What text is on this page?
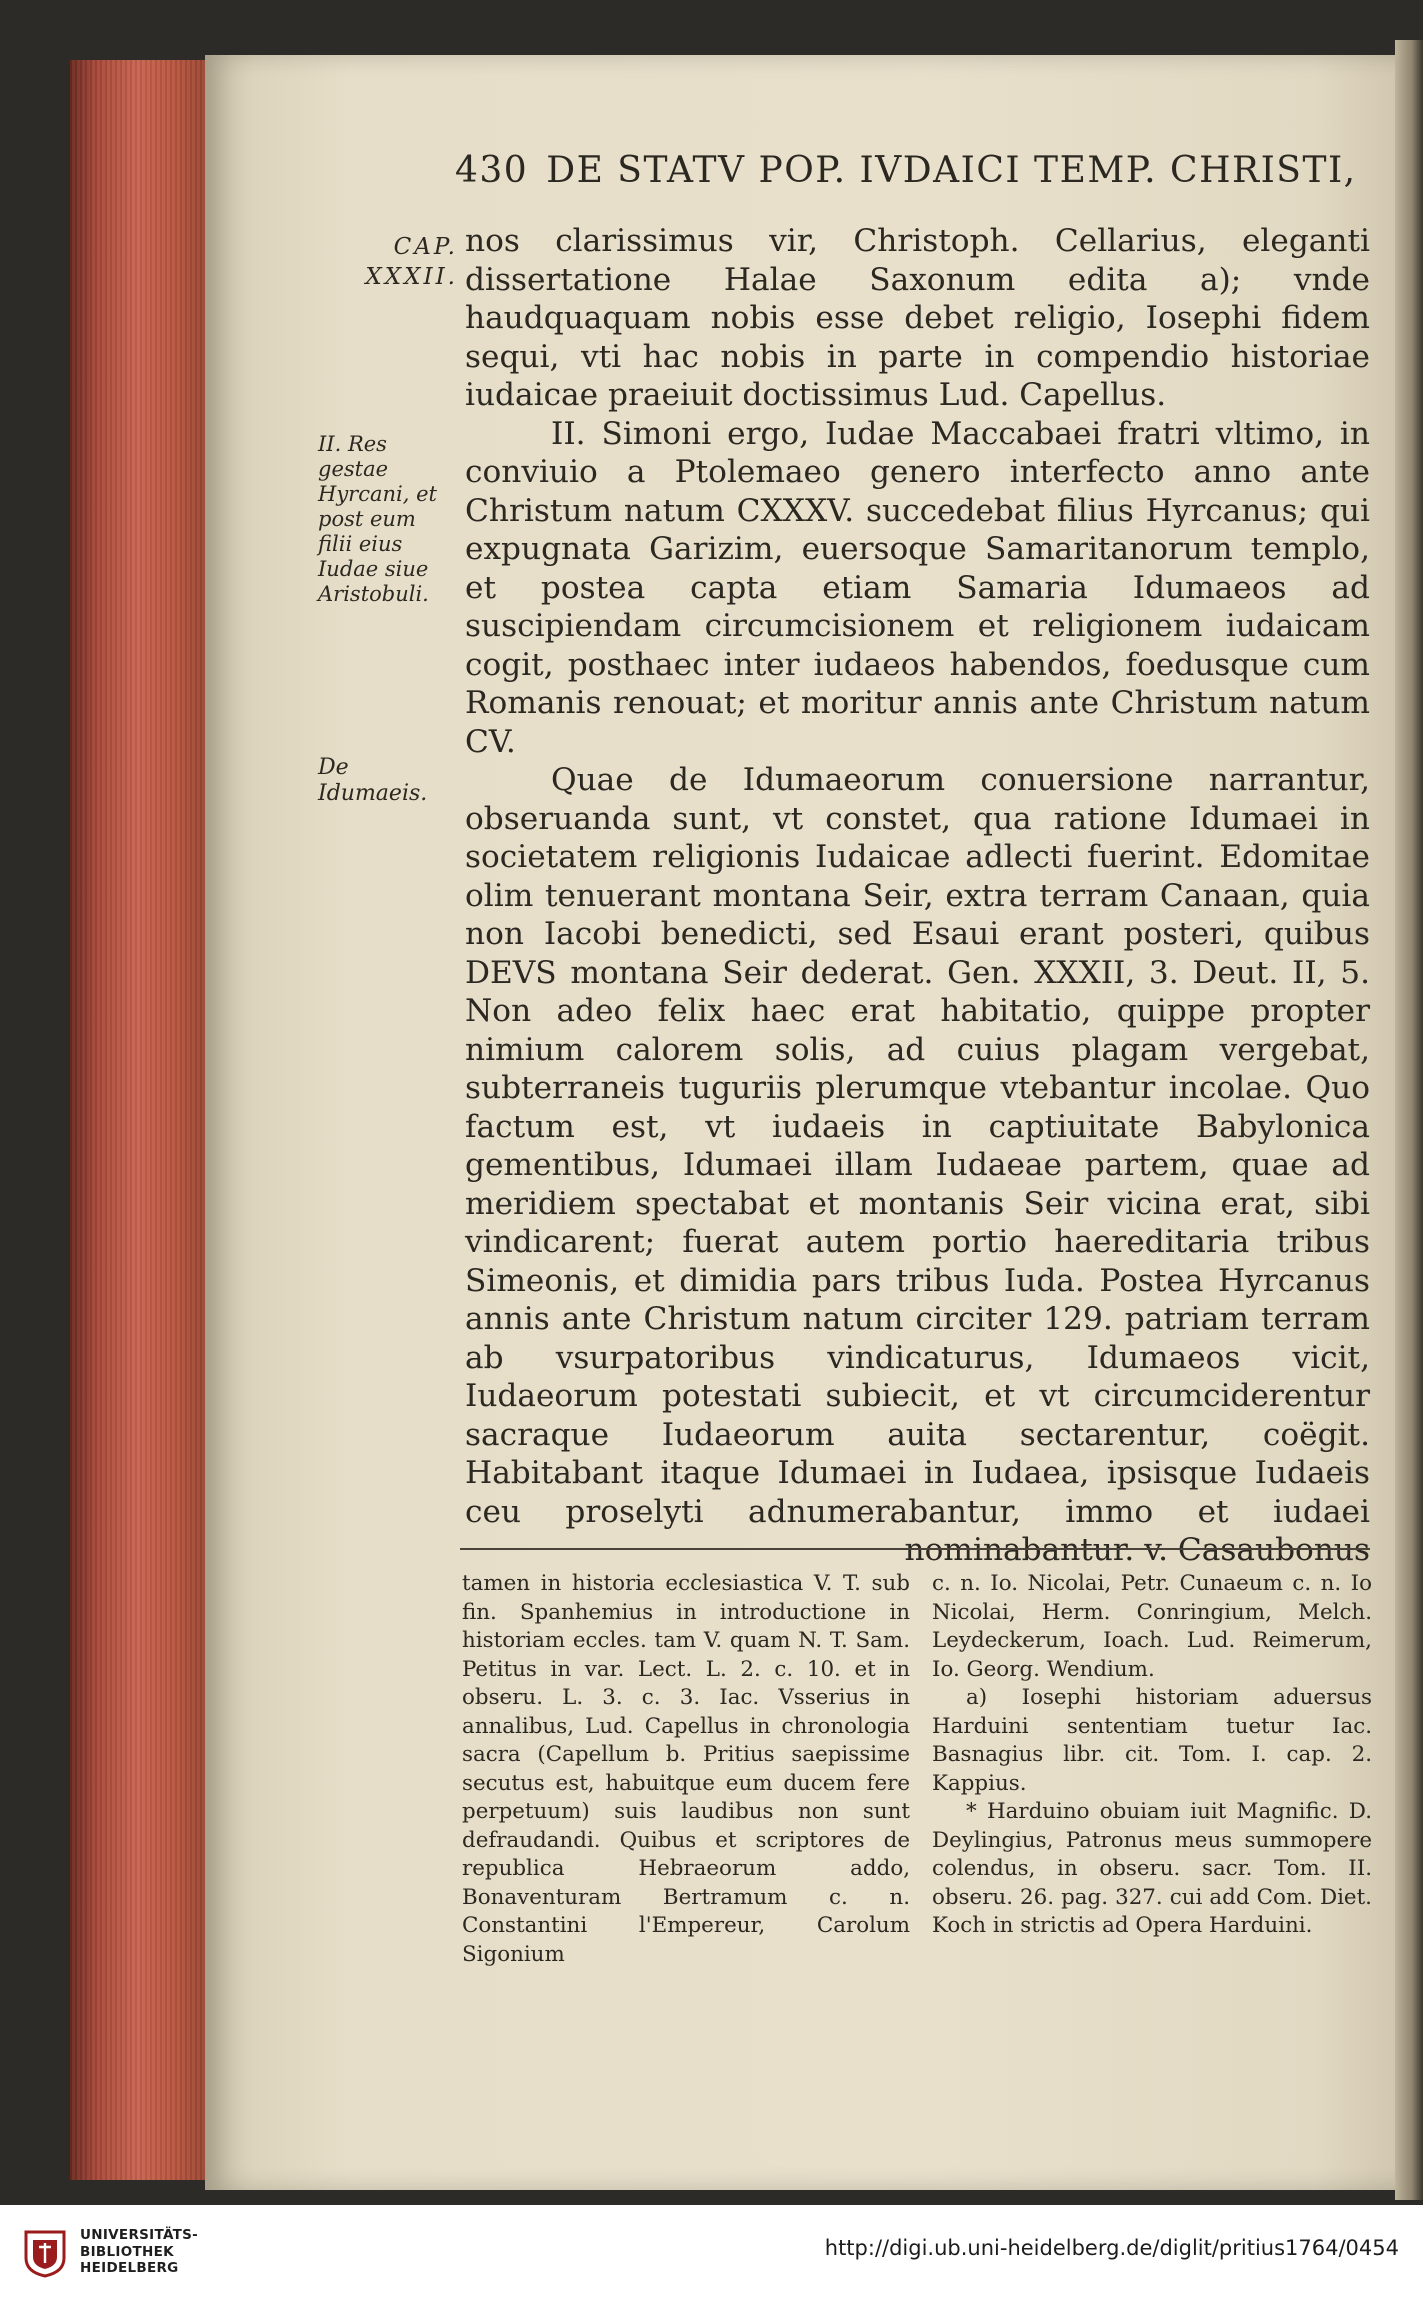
430 DE STATV POP. IVDAICI TEMP. CHRISTI,
CAP. XXXII.
II. Res gestae Hyrcani, et post eum filii eius Iudae siue Aristobuli.
De Idumaeis.

nos clarissimus vir, Christoph. Cellarius, eleganti dissertatione Halae Saxonum edita a); vnde haudquaquam nobis esse debet religio, Iosephi fidem sequi, vti hac nobis in parte in compendio historiae iudaicae praeiuit doctissimus Lud. Capellus.

II. Simoni ergo, Iudae Maccabaei fratri vltimo, in conviuio a Ptolemaeo genero interfecto anno ante Christum natum CXXXV. succedebat filius Hyrcanus; qui expugnata Garizim, euersoque Samaritanorum templo, et postea capta etiam Samaria Idumaeos ad suscipiendam circumcisionem et religionem iudaicam cogit, posthaec inter iudaeos habendos, foedusque cum Romanis renouat; et moritur annis ante Christum natum CV.

Quae de Idumaeorum conuersione narrantur, obseruanda sunt, vt constet, qua ratione Idumaei in societatem religionis Iudaicae adlecti fuerint. Edomitae olim tenuerant montana Seir, extra terram Canaan, quia non Iacobi benedicti, sed Esaui erant posteri, quibus DEVS montana Seir dederat. Gen. XXXII, 3. Deut. II, 5. Non adeo felix haec erat habitatio, quippe propter nimium calorem solis, ad cuius plagam vergebat, subterraneis tuguriis plerumque vtebantur incolae. Quo factum est, vt iudaeis in captiuitate Babylonica gementibus, Idumaei illam Iudaeae partem, quae ad meridiem spectabat et montanis Seir vicina erat, sibi vindicarent; fuerat autem portio haereditaria tribus Simeonis, et dimidia pars tribus Iuda. Postea Hyrcanus annis ante Christum natum circiter 129. patriam terram ab vsurpatoribus vindicaturus, Idumaeos vicit, Iudaeorum potestati subiecit, et vt circumciderentur sacraque Iudaeorum auita sectarentur, coëgit. Habitabant itaque Idumaei in Iudaea, ipsisque Iudaeis ceu proselyti adnumerabantur, immo et iudaei nominabantur. v. Casaubonus

tamen in historia ecclesiastica V. T. sub fin. Spanhemius in introductione in historiam eccles. tam V. quam N. T. Sam. Petitus in var. Lect. L. 2. c. 10. et in obseru. L. 3. c. 3. Iac. Vsserius in annalibus, Lud. Capellus in chronologia sacra (Capellum b. Pritius saepissime secutus est, habuitque eum ducem fere perpetuum) suis laudibus non sunt defraudandi. Quibus et scriptores de republica Hebraeorum addo, Bonaventuram Bertramum c. n. Constantini l'Empereur, Carolum Sigonium

c. n. Io. Nicolai, Petr. Cunaeum c. n. Io Nicolai, Herm. Conringium, Melch. Leydeckerum, Ioach. Lud. Reimerum, Io. Georg. Wendium.

a) Iosephi historiam aduersus Harduini sententiam tuetur Iac. Basnagius libr. cit. Tom. I. cap. 2. Kappius.

* Harduino obuiam iuit Magnific. D. Deylingius, Patronus meus summopere colendus, in obseru. sacr. Tom. II. obseru. 26. pag. 327. cui add Com. Diet. Koch in strictis ad Opera Harduini.

UNIVERSITÄTS-
BIBLIOTHEK
HEIDELBERG
http://digi.ub.uni-heidelberg.de/diglit/pritius1764/0454
